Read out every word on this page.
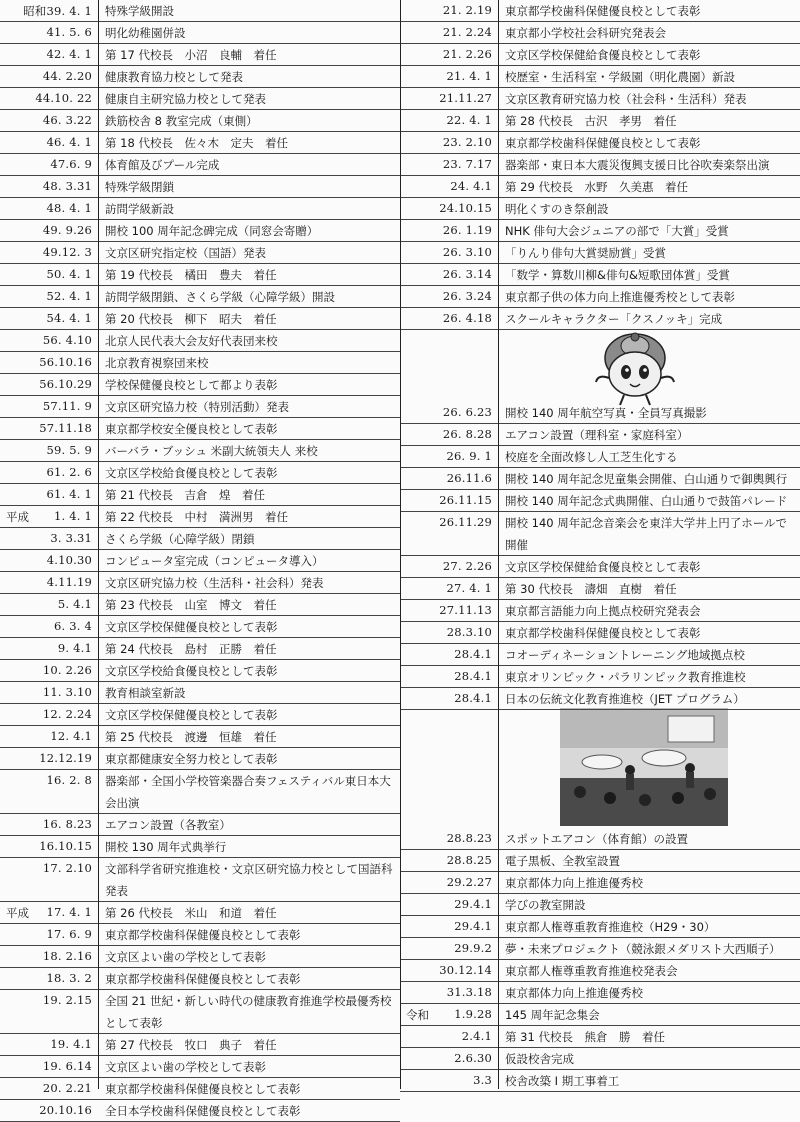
昭和39. 4. 1 特殊学級開設
41. 5. 6 明化幼稚園併設
42. 4. 1 第 17 代校長　小沼　良輔　着任
44. 2.20 健康教育協力校として発表
44.10. 22 健康自主研究協力校として発表
46. 3.22 鉄筋校舎 8 教室完成（東側）
46. 4. 1 第 18 代校長　佐々木　定夫　着任
47.6. 9 体育館及びプール完成
48. 3.31 特殊学級閉鎖
48. 4. 1 訪問学級新設
49. 9.26 開校 100 周年記念碑完成（同窓会寄贈）
49.12. 3 文京区研究指定校（国語）発表
50. 4. 1 第 19 代校長　橘田　豊夫　着任
52. 4. 1 訪問学級閉鎖、さくら学級（心障学級）開設
54. 4. 1 第 20 代校長　柳下　昭夫　着任
56. 4.10 北京人民代表大会友好代表団来校
56.10.16 北京教育視察団来校
56.10.29 学校保健優良校として都より表彰
57.11. 9 文京区研究協力校（特別活動）発表
57.11.18 東京都学校安全優良校として表彰
59. 5. 9 バーバラ・ブッシュ 米副大統領夫人 来校
61. 2. 6 文京区学校給食優良校として表彰
61. 4. 1 第 21 代校長　吉倉　煌　着任
平成	1. 4. 1 第 22 代校長　中村　満洲男　着任
3. 3.31 さくら学級（心障学級）閉鎖
4.10.30 コンピュータ室完成（コンピュータ導入）
4.11.19 文京区研究協力校（生活科・社会科）発表
5. 4.1 第 23 代校長　山室　博文　着任
6. 3. 4 文京区学校保健優良校として表彰
9. 4.1 第 24 代校長　島村　正勝　着任
10. 2.26 文京区学校給食優良校として表彰
11. 3.10 教育相談室新設
12. 2.24 文京区学校保健優良校として表彰
12. 4.1 第 25 代校長　渡邊　恒雄　着任
12.12.19 東京都健康安全努力校として表彰
16. 2. 8 器楽部・全国小学校管楽器合奏フェスティバル東日本大会出演
16. 8.23 エアコン設置（各教室）
16.10.15 開校 130 周年式典挙行
17. 2.10 文部科学省研究推進校・文京区研究協力校として国語科発表
平成	17. 4. 1 第 26 代校長　米山　和道　着任
17. 6. 9 東京都学校歯科保健優良校として表彰
18. 2.16 文京区よい歯の学校として表彰
18. 3. 2 東京都学校歯科保健優良校として表彰
19. 2.15 全国 21 世紀・新しい時代の健康教育推進学校最優秀校として表彰
19. 4.1 第 27 代校長　牧口　典子　着任
19. 6.14 文京区よい歯の学校として表彰
20. 2.21 東京都学校歯科保健優良校として表彰
20.10.16 全日本学校歯科保健優良校として表彰
21. 2.19 東京都学校歯科保健優良校として表彰
21. 2.24 東京都小学校社会科研究発表会
21. 2.26 文京区学校保健給食優良校として表彰
21. 4. 1 校歴室・生活科室・学級園（明化農園）新設
21.11.27 文京区教育研究協力校（社会科・生活科）発表
22. 4. 1 第 28 代校長　古沢　孝男　着任
23. 2.10 東京都学校歯科保健優良校として表彰
23. 7.17 器楽部・東日本大震災復興支援日比谷吹奏楽祭出演
24. 4.1 第 29 代校長　水野　久美惠　着任
24.10.15 明化くすのき祭創設
26. 1.19 NHK 俳句大会ジュニアの部で「大賞」受賞
26. 3.10 「りんり俳句大賞奨励賞」受賞
26. 3.14 「数学・算数川柳&俳句&短歌団体賞」受賞
26. 3.24 東京都子供の体力向上推進優秀校として表彰
26. 4.18 スクールキャラクター「クスノッキ」完成
26. 6.23 開校 140 周年航空写真・全員写真撮影
26. 8.28 エアコン設置（理科室・家庭科室）
26. 9. 1 校庭を全面改修し人工芝生化する
26.11.6 開校 140 周年記念児童集会開催、白山通りで御輿興行
26.11.15 開校 140 周年記念式典開催、白山通りで鼓笛パレード
26.11.29 開校 140 周年記念音楽会を東洋大学井上円了ホールで開催
27. 2.26 文京区学校保健給食優良校として表彰
27. 4. 1 第 30 代校長　濤畑　直樹　着任
27.11.13 東京都言語能力向上拠点校研究発表会
28.3.10 東京都学校歯科保健優良校として表彰
28.4.1 コオーディネーショントレーニング地域拠点校
28.4.1 東京オリンピック・パラリンピック教育推進校
28.4.1 日本の伝統文化教育推進校（JET プログラム）
28.8.23 スポットエアコン（体育館）の設置
28.8.25 電子黒板、全教室設置
29.2.27 東京都体力向上推進優秀校
29.4.1 学びの教室開設
29.4.1 東京都人権尊重教育推進校（H29・30）
29.9.2 夢・未来プロジェクト（競泳銀メダリスト大西順子）
30.12.14 東京都人権尊重教育推進校発表会
31.3.18 東京都体力向上推進優秀校
令和	1.9.28 145 周年記念集会
2.4.1 第 31 代校長　熊倉　勝　着任
2.6.30 仮設校舎完成
3.3 校舎改築 I 期工事着工
